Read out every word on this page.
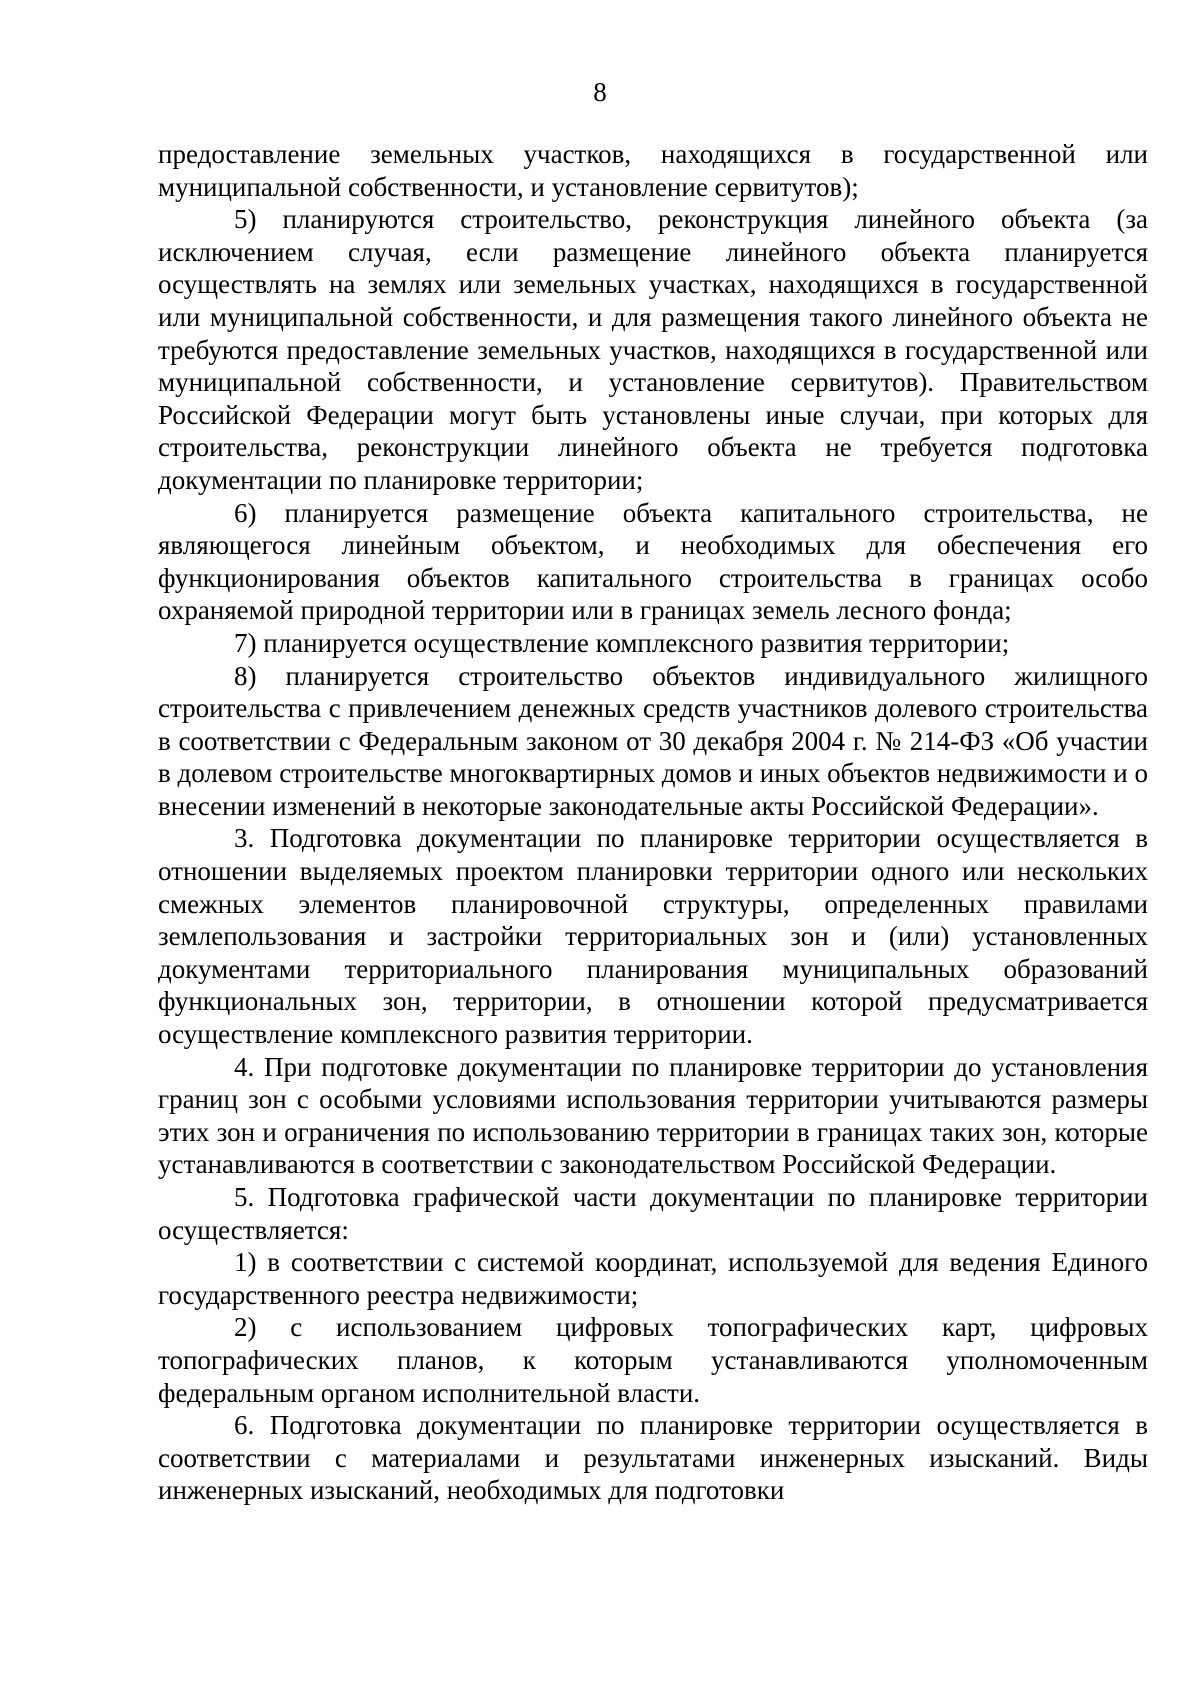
8

предоставление земельных участков, находящихся в государственной или муниципальной собственности, и установление сервитутов);

5) планируются строительство, реконструкция линейного объекта (за исключением случая, если размещение линейного объекта планируется осуществлять на землях или земельных участках, находящихся в государственной или муниципальной собственности, и для размещения такого линейного объекта не требуются предоставление земельных участков, находящихся в государственной или муниципальной собственности, и установление сервитутов). Правительством Российской Федерации могут быть установлены иные случаи, при которых для строительства, реконструкции линейного объекта не требуется подготовка документации по планировке территории;

6) планируется размещение объекта капитального строительства, не являющегося линейным объектом, и необходимых для обеспечения его функционирования объектов капитального строительства в границах особо охраняемой природной территории или в границах земель лесного фонда;

7) планируется осуществление комплексного развития территории;

8) планируется строительство объектов индивидуального жилищного строительства с привлечением денежных средств участников долевого строительства в соответствии с Федеральным законом от 30 декабря 2004 г. № 214-ФЗ «Об участии в долевом строительстве многоквартирных домов и иных объектов недвижимости и о внесении изменений в некоторые законодательные акты Российской Федерации».

3. Подготовка документации по планировке территории осуществляется в отношении выделяемых проектом планировки территории одного или нескольких смежных элементов планировочной структуры, определенных правилами землепользования и застройки территориальных зон и (или) установленных документами территориального планирования муниципальных образований функциональных зон, территории, в отношении которой предусматривается осуществление комплексного развития территории.

4. При подготовке документации по планировке территории до установления границ зон с особыми условиями использования территории учитываются размеры этих зон и ограничения по использованию территории в границах таких зон, которые устанавливаются в соответствии с законодательством Российской Федерации.

5. Подготовка графической части документации по планировке территории осуществляется:

1) в соответствии с системой координат, используемой для ведения Единого государственного реестра недвижимости;

2) с использованием цифровых топографических карт, цифровых топографических планов, к которым устанавливаются уполномоченным федеральным органом исполнительной власти.

6. Подготовка документации по планировке территории осуществляется в соответствии с материалами и результатами инженерных изысканий. Виды инженерных изысканий, необходимых для подготовки
